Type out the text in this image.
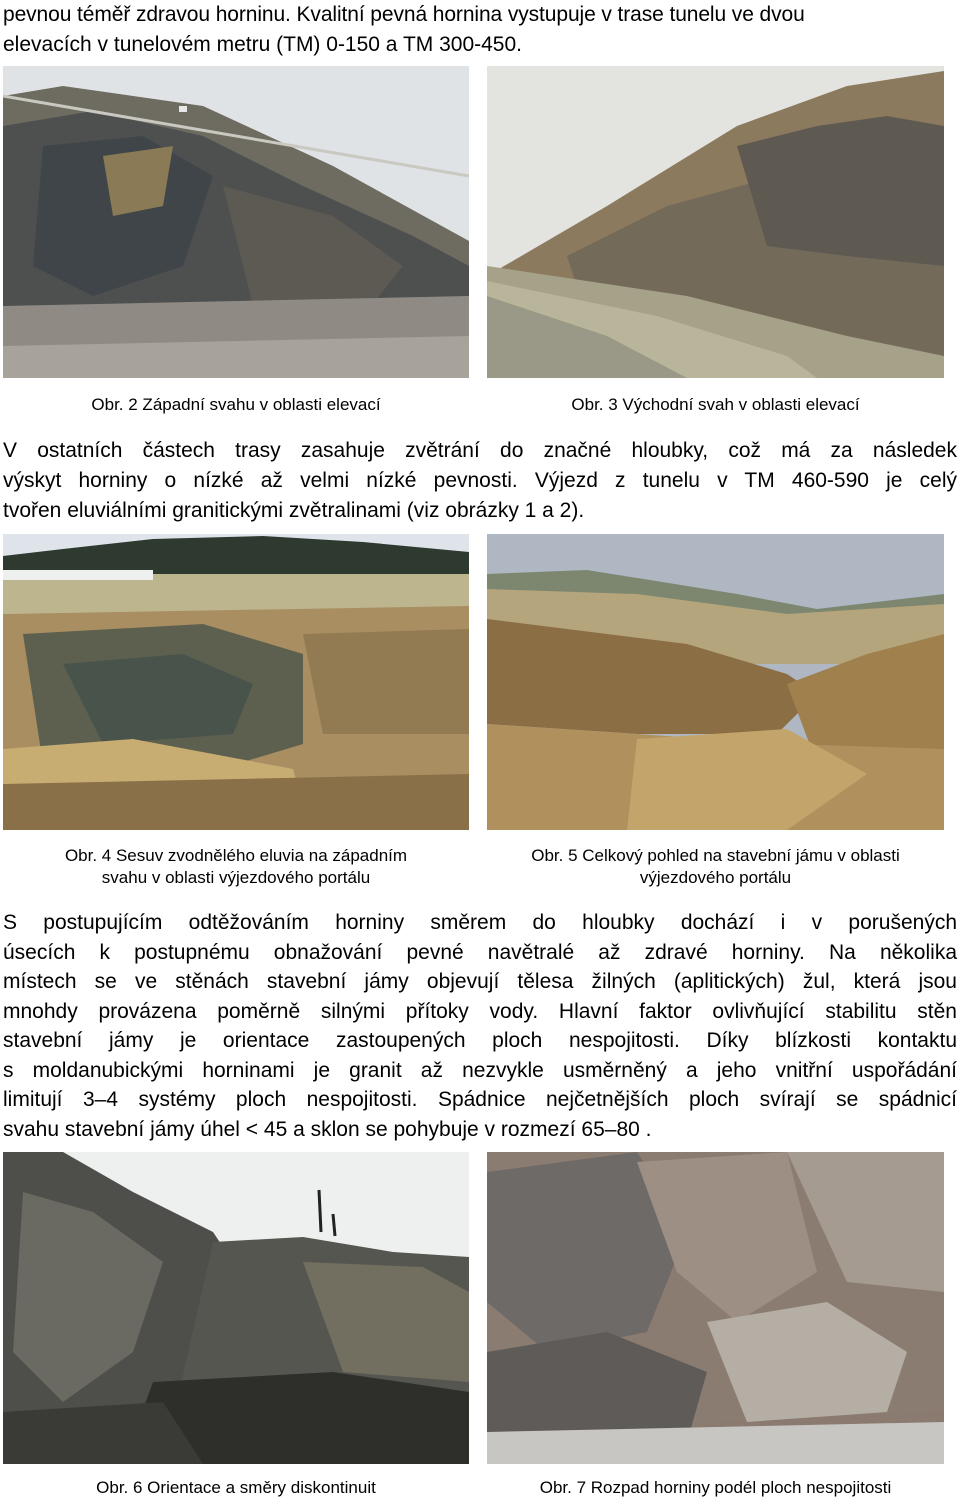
pevnou téměř zdravou horninu. Kvalitní pevná hornina vystupuje v trase tunelu ve dvou
elevacích v tunelovém metru (TM) 0-150 a TM 300-450.

Obr. 2 Západní svahu v oblasti elevací	Obr. 3 Východní svah v oblasti elevací

V ostatních částech trasy zasahuje zvětrání do značné hloubky, což má za následek
výskyt horniny o nízké až velmi nízké pevnosti. Výjezd z tunelu v TM 460-590 je celý
tvořen eluviálními granitickými zvětralinami (viz obrázky 1 a 2).
Obr. 4 Sesuv zvodnělého eluvia na západním
svahu v oblasti výjezdového portálu
Obr. 5 Celkový pohled na stavební jámu v oblasti
výjezdového portálu
S postupujícím odtěžováním horniny směrem do hloubky dochází i v porušených
úsecích k postupnému obnažování pevné navětralé až zdravé horniny. Na několika
místech se ve stěnách stavební jámy objevují tělesa žilných (aplitických) žul, která jsou
mnohdy provázena poměrně silnými přítoky vody. Hlavní faktor ovlivňující stabilitu stěn
stavební jámy je orientace zastoupených ploch nespojitosti. Díky blízkosti kontaktu
s moldanubickými horninami je granit až nezvykle usměrněný a jeho vnitřní uspořádání
limitují 3–4 systémy ploch nespojitosti. Spádnice nejčetnějších ploch svírají se spádnicí
svahu stavební jámy úhel < 45 a sklon se pohybuje v rozmezí 65–80 .

Obr. 6 Orientace a směry diskontinuit	Obr. 7 Rozpad horniny podél ploch nespojitosti
